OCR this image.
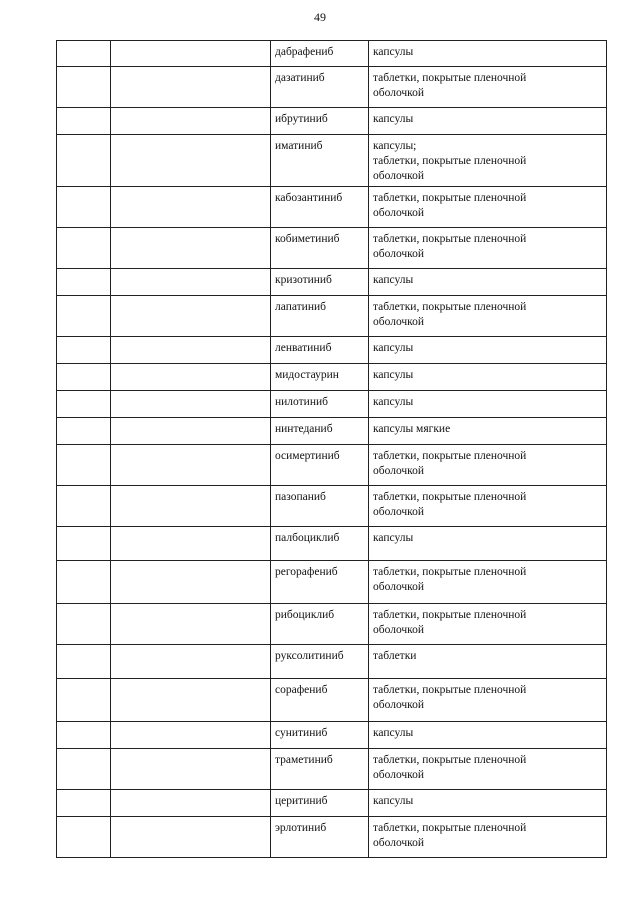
49
		дабрафениб	капсулы
		дазатиниб	таблетки, покрытые пленочной
оболочкой
		ибрутиниб	капсулы
		иматиниб	капсулы;
таблетки, покрытые пленочной
оболочкой
		кабозантиниб	таблетки, покрытые пленочной
оболочкой
		кобиметиниб	таблетки, покрытые пленочной
оболочкой
		кризотиниб	капсулы
		лапатиниб	таблетки, покрытые пленочной
оболочкой
		ленватиниб	капсулы
		мидостаурин	капсулы
		нилотиниб	капсулы
		нинтеданиб	капсулы мягкие
		осимертиниб	таблетки, покрытые пленочной
оболочкой
		пазопаниб	таблетки, покрытые пленочной
оболочкой
		палбоциклиб	капсулы
		регорафениб	таблетки, покрытые пленочной
оболочкой
		рибоциклиб	таблетки, покрытые пленочной
оболочкой
		руксолитиниб	таблетки
		сорафениб	таблетки, покрытые пленочной
оболочкой
		сунитиниб	капсулы
		траметиниб	таблетки, покрытые пленочной
оболочкой
		церитиниб	капсулы
		эрлотиниб	таблетки, покрытые пленочной
оболочкой
